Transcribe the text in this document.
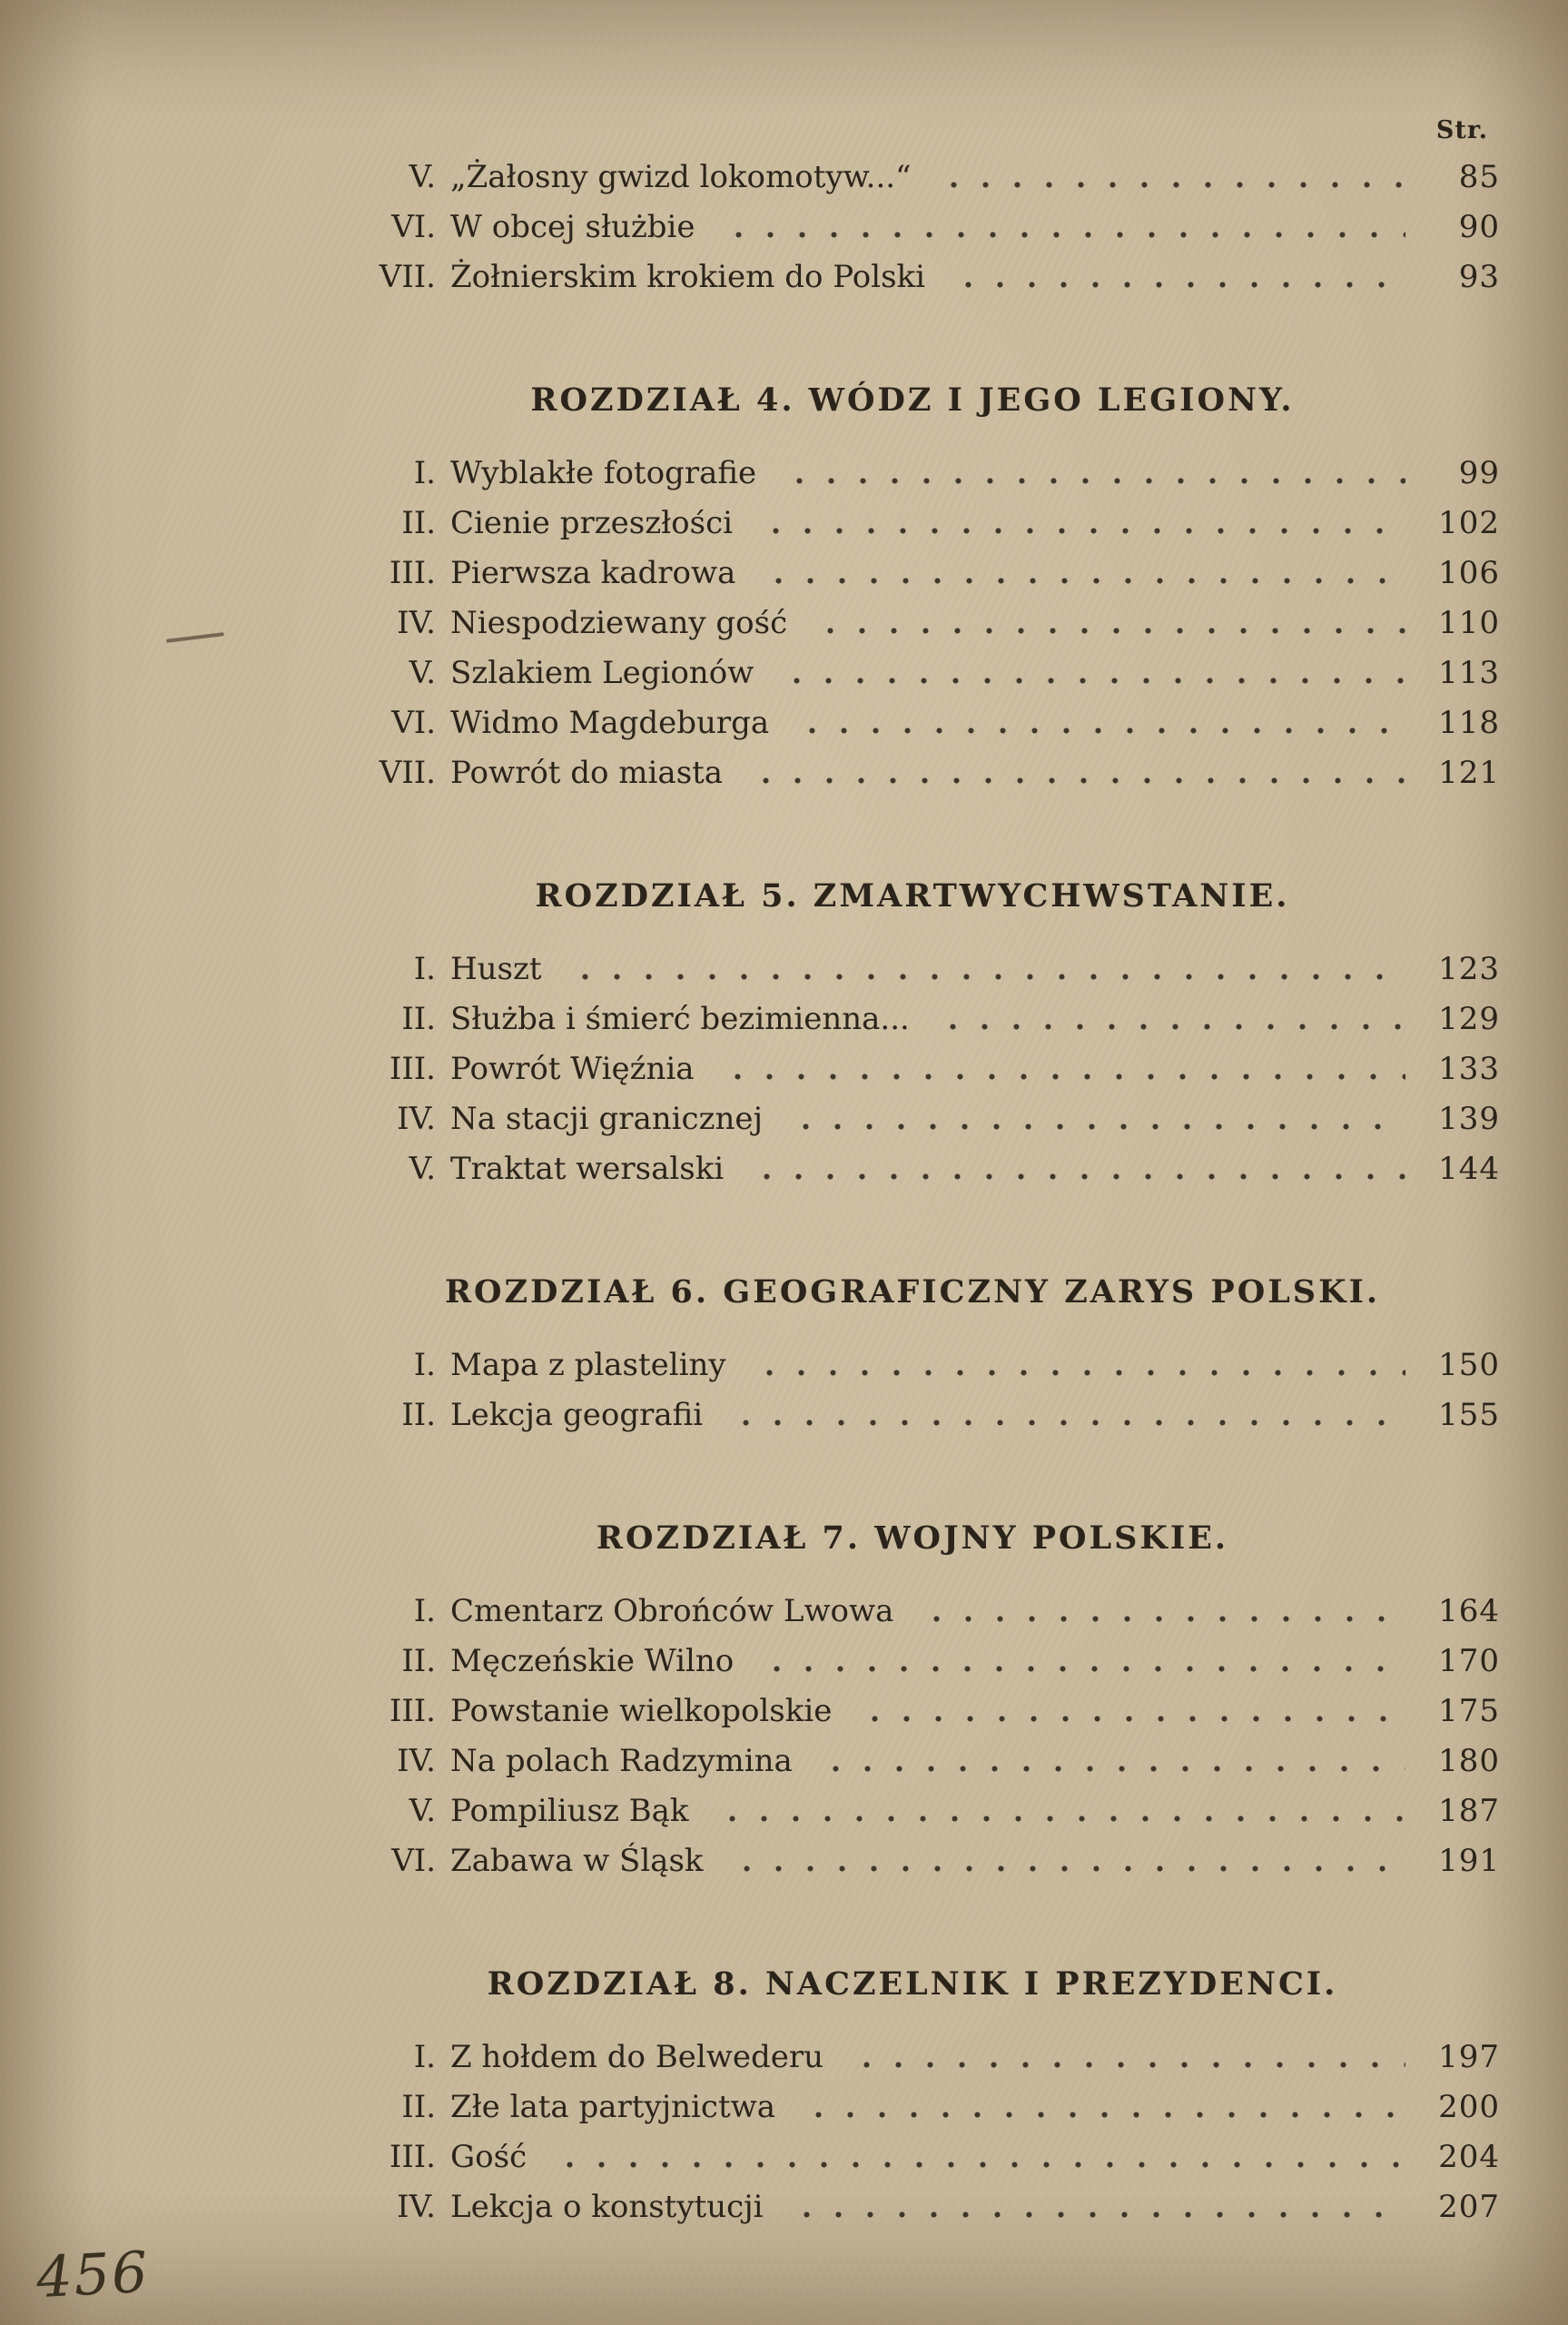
Str.
V. „Żałosny gwizd lokomotyw...“	85
VI. W obcej służbie	90
VII. Żołnierskim krokiem do Polski	93
ROZDZIAŁ 4. WÓDZ I JEGO LEGIONY.
I. Wyblakłe fotografie	99
II. Cienie przeszłości	102
III. Pierwsza kadrowa	106
IV. Niespodziewany gość	110
V. Szlakiem Legionów	113
VI. Widmo Magdeburga	118
VII. Powrót do miasta	121
ROZDZIAŁ 5. ZMARTWYCHWSTANIE.
I. Huszt	123
II. Służba i śmierć bezimienna...	129
III. Powrót Więźnia	133
IV. Na stacji granicznej	139
V. Traktat wersalski	144
ROZDZIAŁ 6. GEOGRAFICZNY ZARYS POLSKI.
I. Mapa z plasteliny	150
II. Lekcja geografii	155
ROZDZIAŁ 7. WOJNY POLSKIE.
I. Cmentarz Obrońców Lwowa	164
II. Męczeńskie Wilno	170
III. Powstanie wielkopolskie	175
IV. Na polach Radzymina	180
V. Pompiliusz Bąk	187
VI. Zabawa w Śląsk	191
ROZDZIAŁ 8. NACZELNIK I PREZYDENCI.
I. Z hołdem do Belwederu	197
II. Złe lata partyjnictwa	200
III. Gość	204
IV. Lekcja o konstytucji	207
456
